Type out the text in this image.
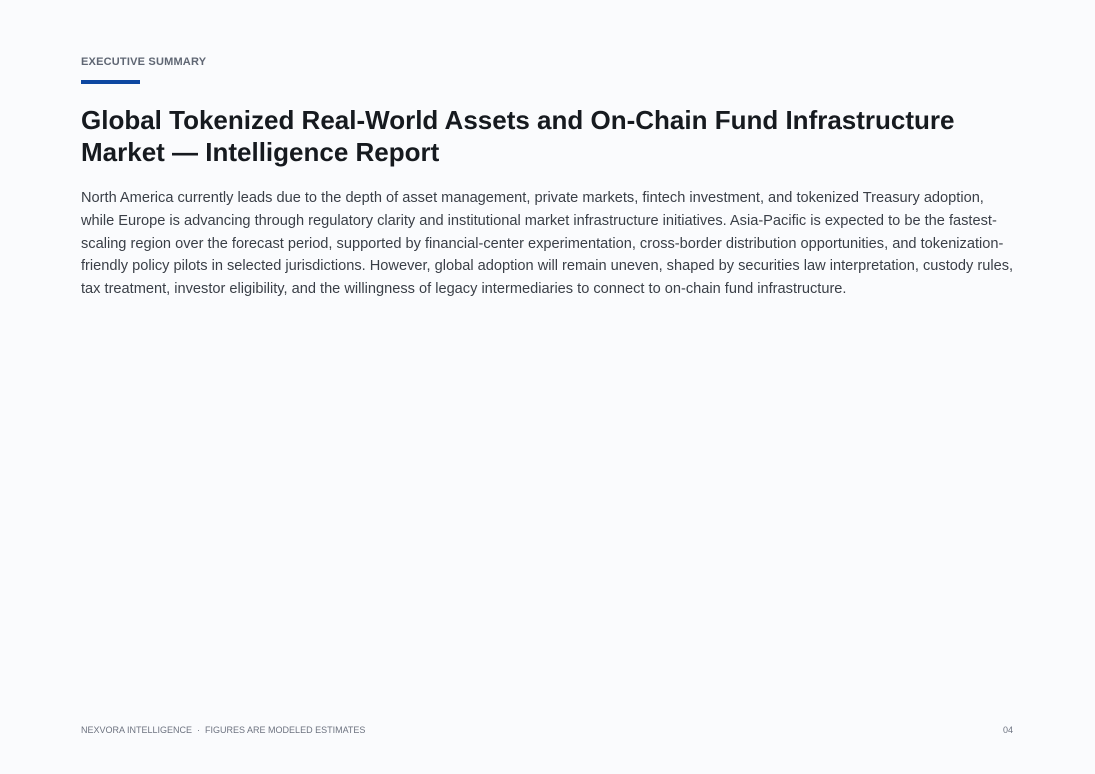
EXECUTIVE SUMMARY
Global Tokenized Real-World Assets and On-Chain Fund Infrastructure Market — Intelligence Report

North America currently leads due to the depth of asset management, private markets, fintech investment, and tokenized Treasury adoption, while Europe is advancing through regulatory clarity and institutional market infrastructure initiatives. Asia-Pacific is expected to be the fastest-scaling region over the forecast period, supported by financial-center experimentation, cross-border distribution opportunities, and tokenization-friendly policy pilots in selected jurisdictions. However, global adoption will remain uneven, shaped by securities law interpretation, custody rules, tax treatment, investor eligibility, and the willingness of legacy intermediaries to connect to on-chain fund infrastructure.

NEXVORA INTELLIGENCE · FIGURES ARE MODELED ESTIMATES	04
